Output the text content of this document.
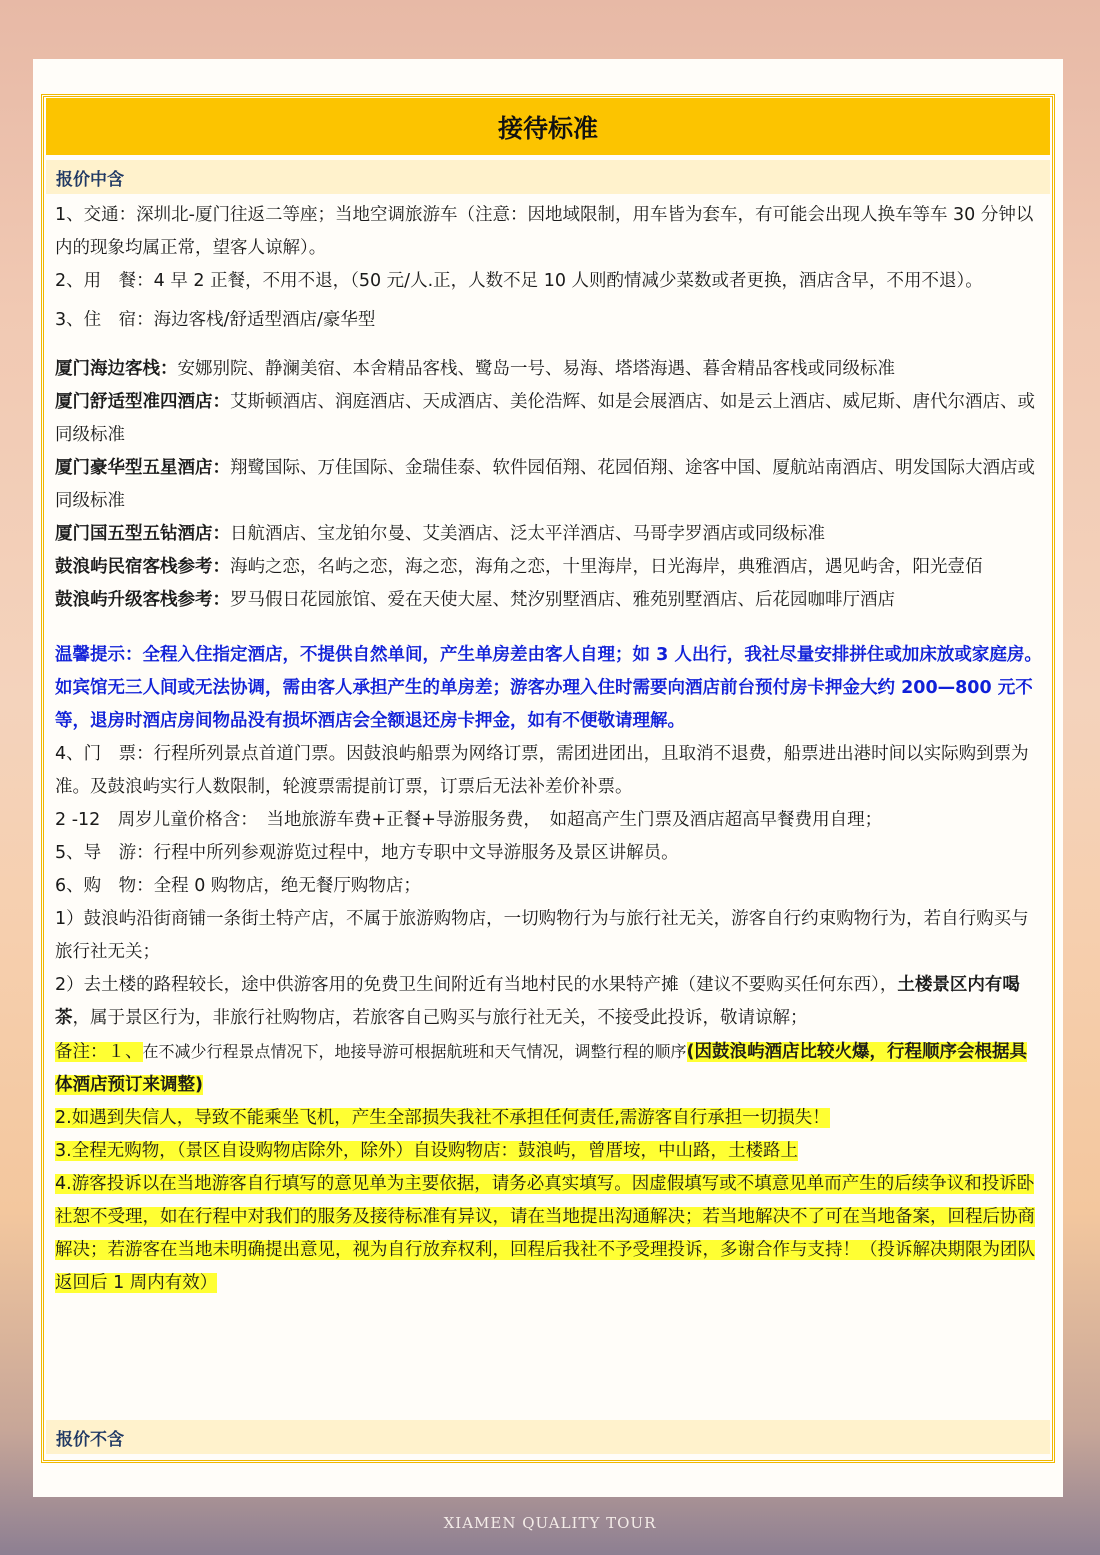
接待标准
报价中含

1、交通：深圳北-厦门往返二等座；当地空调旅游车（注意：因地域限制，用车皆为套车，有可能会出现人换车等车 30 分钟以内的现象均属正常，望客人谅解）。

2、用　餐：4 早 2 正餐，不用不退，（50 元/人.正，人数不足 10 人则酌情减少菜数或者更换，酒店含早，不用不退）。

3、住　宿：海边客栈/舒适型酒店/豪华型

厦门海边客栈：安娜别院、静澜美宿、本舍精品客栈、鹭岛一号、易海、塔塔海遇、暮舍精品客栈或同级标准

厦门舒适型准四酒店：艾斯顿酒店、润庭酒店、天成酒店、美伦浩辉、如是会展酒店、如是云上酒店、威尼斯、唐代尔酒店、或同级标准

厦门豪华型五星酒店：翔鹭国际、万佳国际、金瑞佳泰、软件园佰翔、花园佰翔、途客中国、厦航站南酒店、明发国际大酒店或同级标准

厦门国五型五钻酒店：日航酒店、宝龙铂尔曼、艾美酒店、泛太平洋酒店、马哥孛罗酒店或同级标准

鼓浪屿民宿客栈参考：海屿之恋，名屿之恋，海之恋，海角之恋，十里海岸，日光海岸，典雅酒店，遇见屿舍，阳光壹佰

鼓浪屿升级客栈参考：罗马假日花园旅馆、爱在天使大屋、梵汐别墅酒店、雅苑别墅酒店、后花园咖啡厅酒店

温馨提示：全程入住指定酒店，不提供自然单间，产生单房差由客人自理；如 3 人出行，我社尽量安排拼住或加床放或家庭房。如宾馆无三人间或无法协调，需由客人承担产生的单房差；游客办理入住时需要向酒店前台预付房卡押金大约 200—800 元不等，退房时酒店房间物品没有损坏酒店会全额退还房卡押金，如有不便敬请理解。

4、门　票：行程所列景点首道门票。因鼓浪屿船票为网络订票，需团进团出，且取消不退费，船票进出港时间以实际购到票为准。及鼓浪屿实行人数限制，轮渡票需提前订票，订票后无法补差价补票。

2 -12　周岁儿童价格含：　当地旅游车费+正餐+导游服务费，　如超高产生门票及酒店超高早餐费用自理；

5、导　游：行程中所列参观游览过程中，地方专职中文导游服务及景区讲解员。

6、购　物：全程 0 购物店，绝无餐厅购物店；

1）鼓浪屿沿街商铺一条街土特产店，不属于旅游购物店，一切购物行为与旅行社无关，游客自行约束购物行为，若自行购买与旅行社无关；

2）去土楼的路程较长，途中供游客用的免费卫生间附近有当地村民的水果特产摊（建议不要购买任何东西），土楼景区内有喝茶，属于景区行为，非旅行社购物店，若旅客自己购买与旅行社无关，不接受此投诉，敬请谅解；

备注：１、在不减少行程景点情况下，地接导游可根据航班和天气情况，调整行程的顺序(因鼓浪屿酒店比较火爆，行程顺序会根据具体酒店预订来调整)

2.如遇到失信人，导致不能乘坐飞机，产生全部损失我社不承担任何责任,需游客自行承担一切损失！

3.全程无购物，（景区自设购物店除外，除外）自设购物店：鼓浪屿，曾厝垵，中山路，土楼路上

4.游客投诉以在当地游客自行填写的意见单为主要依据，请务必真实填写。因虚假填写或不填意见单而产生的后续争议和投诉卧社恕不受理，如在行程中对我们的服务及接待标准有异议，请在当地提出沟通解决；若当地解决不了可在当地备案，回程后协商解决；若游客在当地未明确提出意见，视为自行放弃权利，回程后我社不予受理投诉，多谢合作与支持！（投诉解决期限为团队返回后 1 周内有效）

报价不含
XIAMEN QUALITY TOUR
